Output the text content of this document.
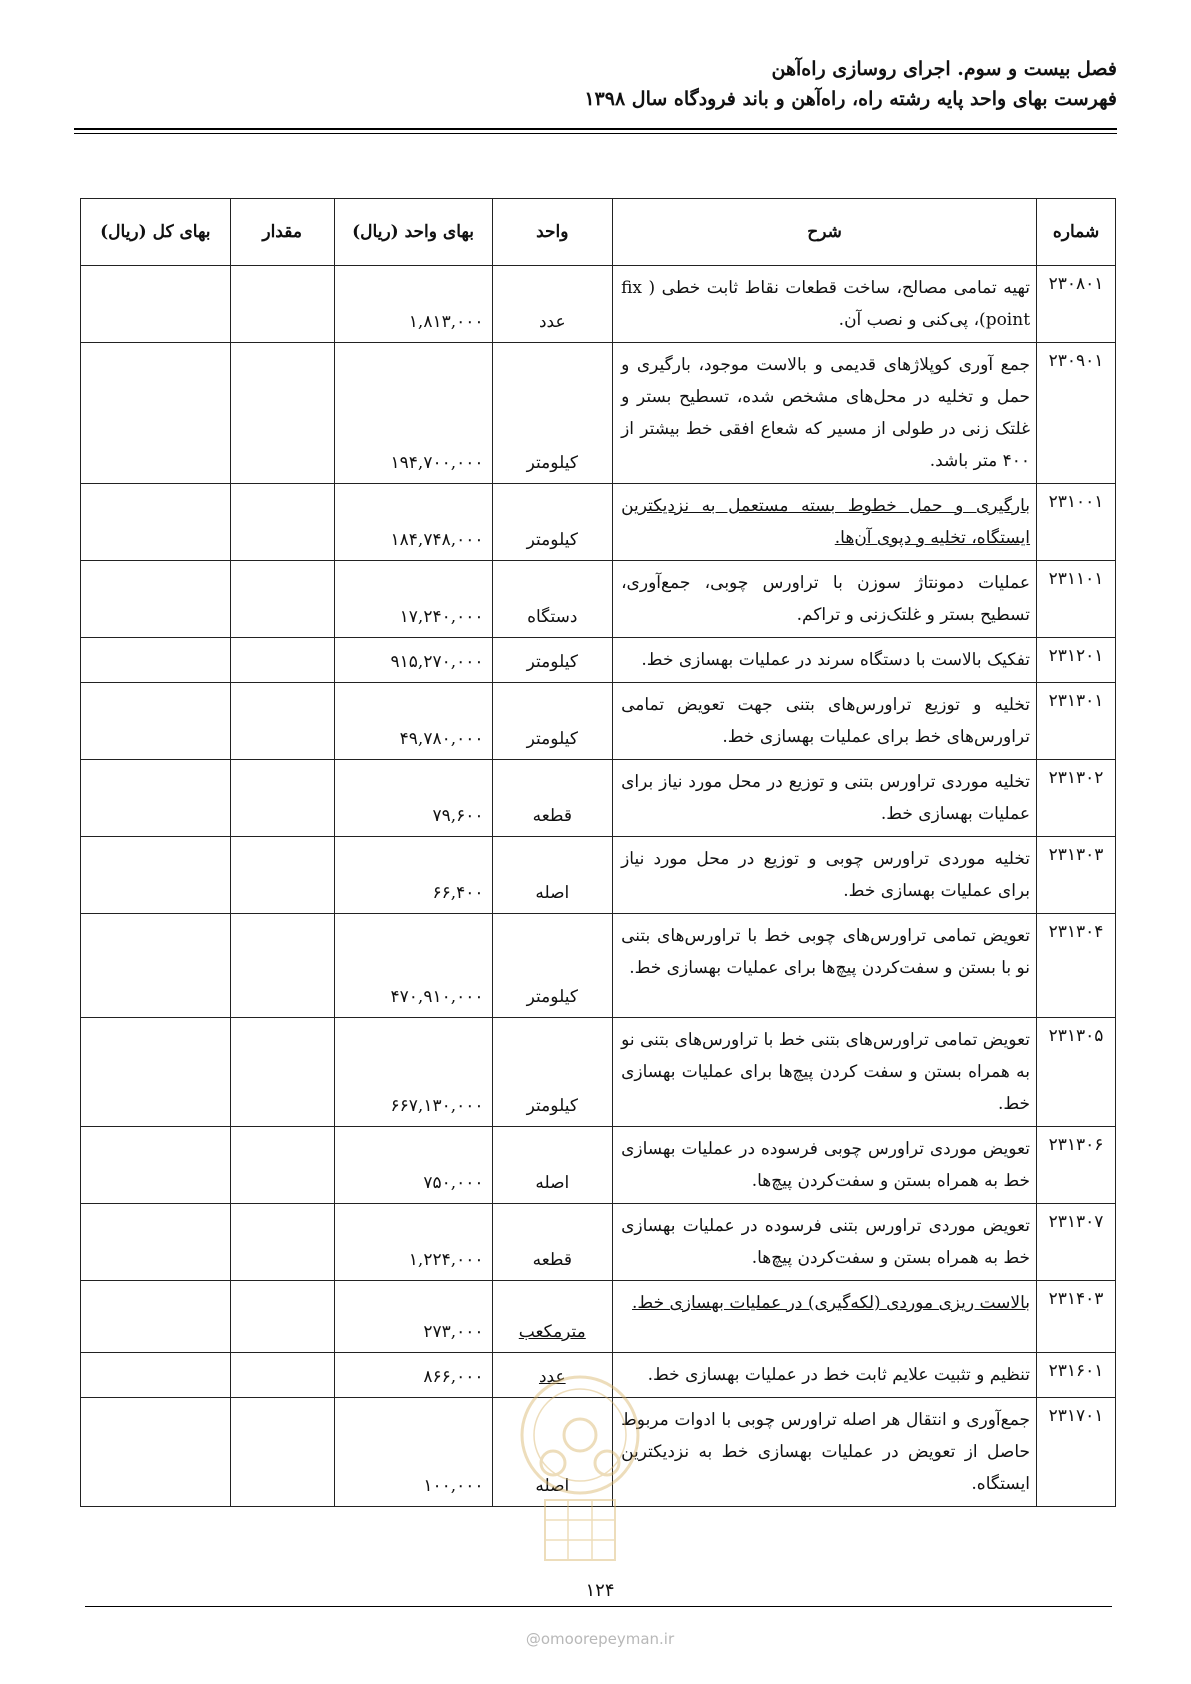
فصل بیست و سوم. اجرای روسازی راه‌آهن
فهرست بهای واحد پایه رشته راه، راه‌آهن و باند فرودگاه سال ۱۳۹۸
شماره	شرح	واحد	بهای واحد (ریال)	مقدار	بهای کل (ریال)
۲۳۰۸۰۱	تهیه تمامی مصالح، ساخت قطعات نقاط ثابت خطی ( fix point)، پی‌کنی و نصب آن.	عدد	۱,۸۱۳,۰۰۰		
۲۳۰۹۰۱	جمع آوری کوپلاژهای قدیمی و بالاست موجود، بارگیری و حمل و تخلیه در محل‌های مشخص شده، تسطیح بستر و غلتک زنی در طولی از مسیر که شعاع افقی خط بیشتر از ۴۰۰ متر باشد.	کیلومتر	۱۹۴,۷۰۰,۰۰۰		
۲۳۱۰۰۱	بارگیری و حمل خطوط بسته مستعمل به نزدیکترین ایستگاه، تخلیه و دپوی آن‌ها.	کیلومتر	۱۸۴,۷۴۸,۰۰۰		
۲۳۱۱۰۱	عملیات دمونتاژ سوزن با تراورس چوبی، جمع‌آوری، تسطیح بستر و غلتک‌زنی و تراکم.	دستگاه	۱۷,۲۴۰,۰۰۰		
۲۳۱۲۰۱	تفکیک بالاست با دستگاه سرند در عملیات بهسازی خط.	کیلومتر	۹۱۵,۲۷۰,۰۰۰		
۲۳۱۳۰۱	تخلیه و توزیع تراورس‌های بتنی جهت تعویض تمامی تراورس‌های خط برای عملیات بهسازی خط.	کیلومتر	۴۹,۷۸۰,۰۰۰		
۲۳۱۳۰۲	تخلیه موردی تراورس بتنی و توزیع در محل مورد نیاز برای عملیات بهسازی خط.	قطعه	۷۹,۶۰۰		
۲۳۱۳۰۳	تخلیه موردی تراورس چوبی و توزیع در محل مورد نیاز برای عملیات بهسازی خط.	اصله	۶۶,۴۰۰		
۲۳۱۳۰۴	تعویض تمامی تراورس‌های چوبی خط با تراورس‌های بتنی نو با بستن و سفت‌کردن پیچ‌ها برای عملیات بهسازی خط.	کیلومتر	۴۷۰,۹۱۰,۰۰۰		
۲۳۱۳۰۵	تعویض تمامی تراورس‌های بتنی خط با تراورس‌های بتنی نو به همراه بستن و سفت کردن پیچ‌ها برای عملیات بهسازی خط.	کیلومتر	۶۶۷,۱۳۰,۰۰۰		
۲۳۱۳۰۶	تعویض موردی تراورس چوبی فرسوده در عملیات بهسازی خط به همراه بستن و سفت‌کردن پیچ‌ها.	اصله	۷۵۰,۰۰۰		
۲۳۱۳۰۷	تعویض موردی تراورس بتنی فرسوده در عملیات بهسازی خط به همراه بستن و سفت‌کردن پیچ‌ها.	قطعه	۱,۲۲۴,۰۰۰		
۲۳۱۴۰۳	بالاست ریزی موردی (لکه‌گیری) در عملیات بهسازی خط.	مترمکعب	۲۷۳,۰۰۰		
۲۳۱۶۰۱	تنظیم و تثبیت علایم ثابت خط در عملیات بهسازی خط.	عدد	۸۶۶,۰۰۰		
۲۳۱۷۰۱	جمع‌آوری و انتقال هر اصله تراورس چوبی با ادوات مربوط حاصل از تعویض در عملیات بهسازی خط به نزدیکترین ایستگاه.	اصله	۱۰۰,۰۰۰		
۱۲۴
@omoorepeyman.ir
